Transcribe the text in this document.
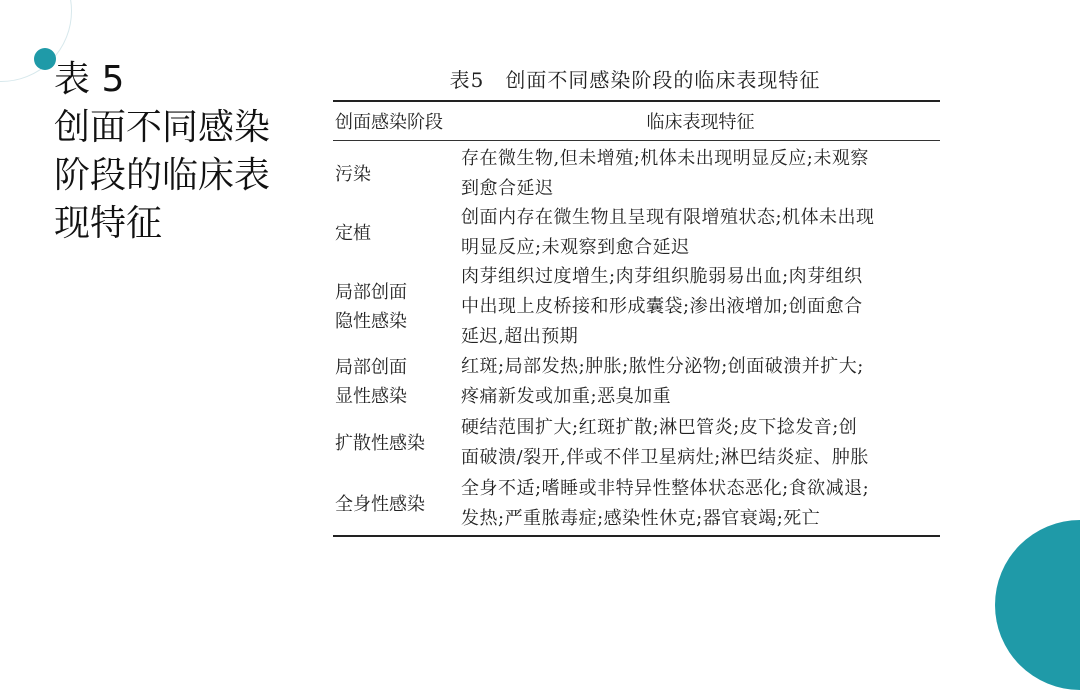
表 5
创面不同感染
阶段的临床表
现特征
表5　创面不同感染阶段的临床表现特征
创面感染阶段	临床表现特征
污染
存在微生物,但未增殖;机体未出现明显反应;未观察
到愈合延迟
定植
创面内存在微生物且呈现有限增殖状态;机体未出现
明显反应;未观察到愈合延迟
局部创面
隐性感染
肉芽组织过度增生;肉芽组织脆弱易出血;肉芽组织
中出现上皮桥接和形成囊袋;渗出液增加;创面愈合
延迟,超出预期
局部创面
显性感染
红斑;局部发热;肿胀;脓性分泌物;创面破溃并扩大;
疼痛新发或加重;恶臭加重
扩散性感染
硬结范围扩大;红斑扩散;淋巴管炎;皮下捻发音;创
面破溃/裂开,伴或不伴卫星病灶;淋巴结炎症、肿胀
全身性感染
全身不适;嗜睡或非特异性整体状态恶化;食欲减退;
发热;严重脓毒症;感染性休克;器官衰竭;死亡
